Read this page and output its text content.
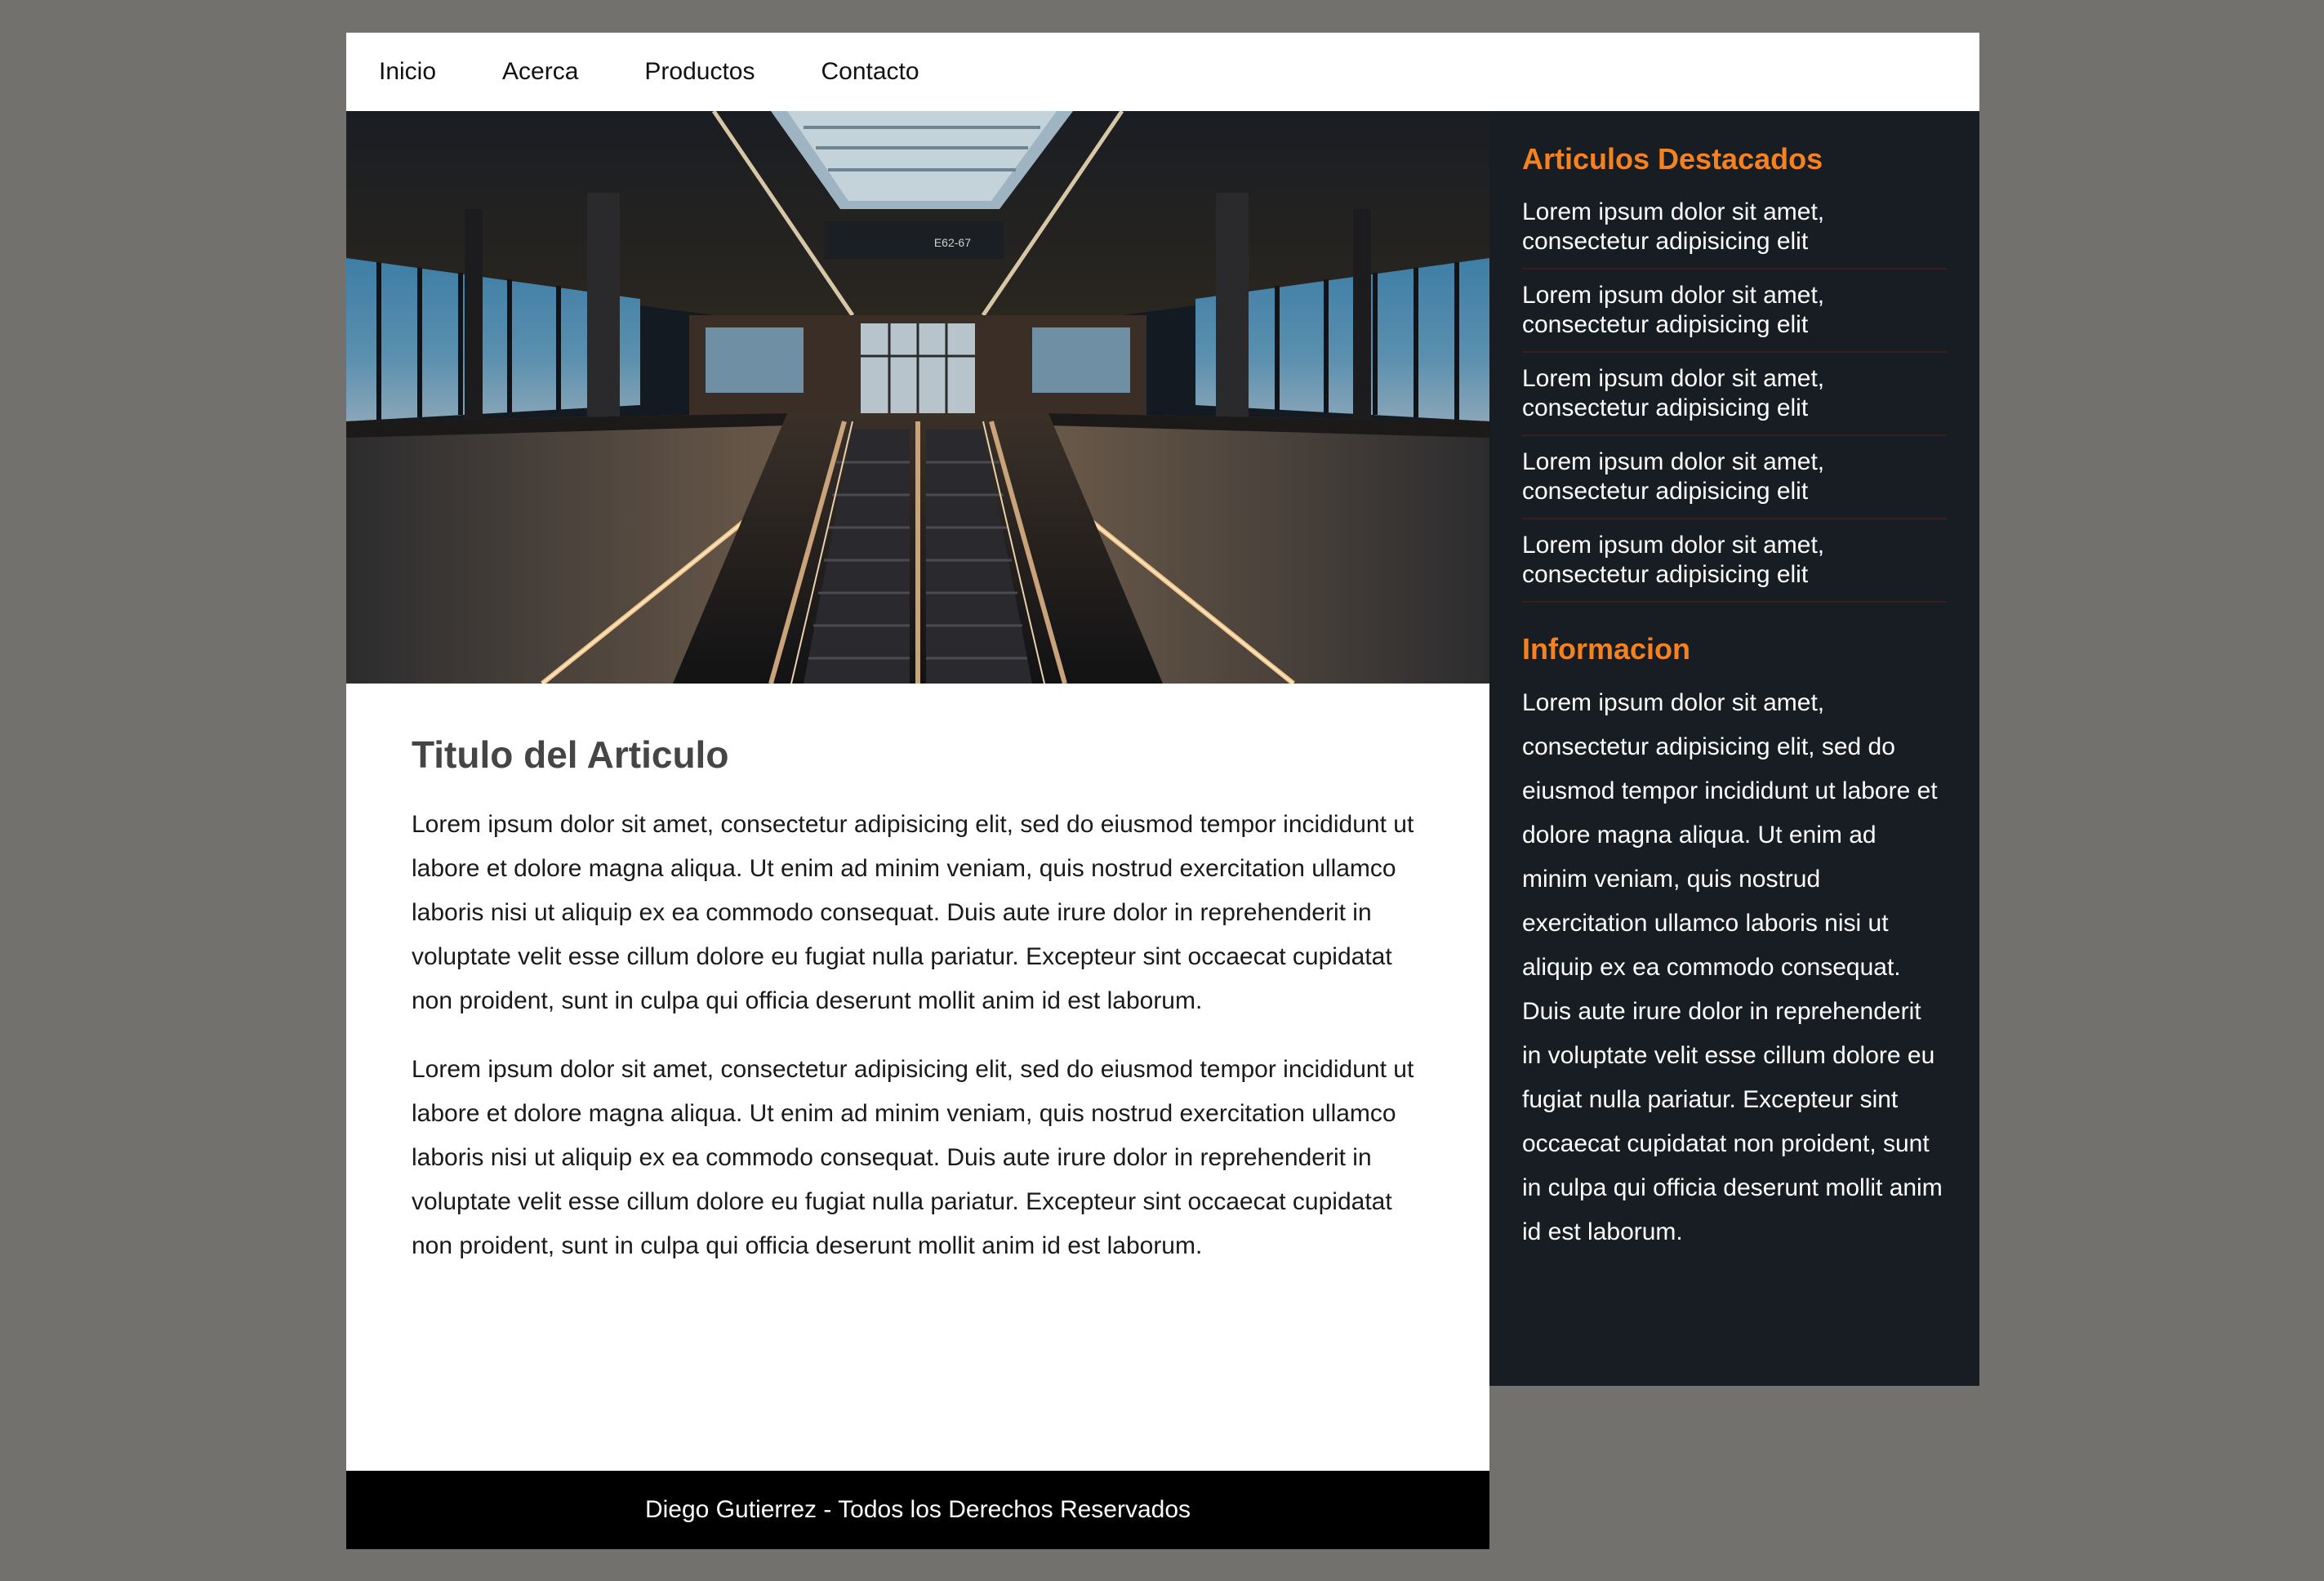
Inicio	Acerca	Productos	Contacto
E62-67
Titulo del Articulo

Lorem ipsum dolor sit amet, consectetur adipisicing elit, sed do eiusmod tempor incididunt ut labore et dolore magna aliqua. Ut enim ad minim veniam, quis nostrud exercitation ullamco laboris nisi ut aliquip ex ea commodo consequat. Duis aute irure dolor in reprehenderit in voluptate velit esse cillum dolore eu fugiat nulla pariatur. Excepteur sint occaecat cupidatat non proident, sunt in culpa qui officia deserunt mollit anim id est laborum.

Lorem ipsum dolor sit amet, consectetur adipisicing elit, sed do eiusmod tempor incididunt ut labore et dolore magna aliqua. Ut enim ad minim veniam, quis nostrud exercitation ullamco laboris nisi ut aliquip ex ea commodo consequat. Duis aute irure dolor in reprehenderit in voluptate velit esse cillum dolore eu fugiat nulla pariatur. Excepteur sint occaecat cupidatat non proident, sunt in culpa qui officia deserunt mollit anim id est laborum.

Diego Gutierrez - Todos los Derechos Reservados
Articulos Destacados
Lorem ipsum dolor sit amet, consectetur adipisicing elit
Lorem ipsum dolor sit amet, consectetur adipisicing elit
Lorem ipsum dolor sit amet, consectetur adipisicing elit
Lorem ipsum dolor sit amet, consectetur adipisicing elit
Lorem ipsum dolor sit amet, consectetur adipisicing elit
Informacion

Lorem ipsum dolor sit amet, consectetur adipisicing elit, sed do eiusmod tempor incididunt ut labore et dolore magna aliqua. Ut enim ad minim veniam, quis nostrud exercitation ullamco laboris nisi ut aliquip ex ea commodo consequat. Duis aute irure dolor in reprehenderit in voluptate velit esse cillum dolore eu fugiat nulla pariatur. Excepteur sint occaecat cupidatat non proident, sunt in culpa qui officia deserunt mollit anim id est laborum.
